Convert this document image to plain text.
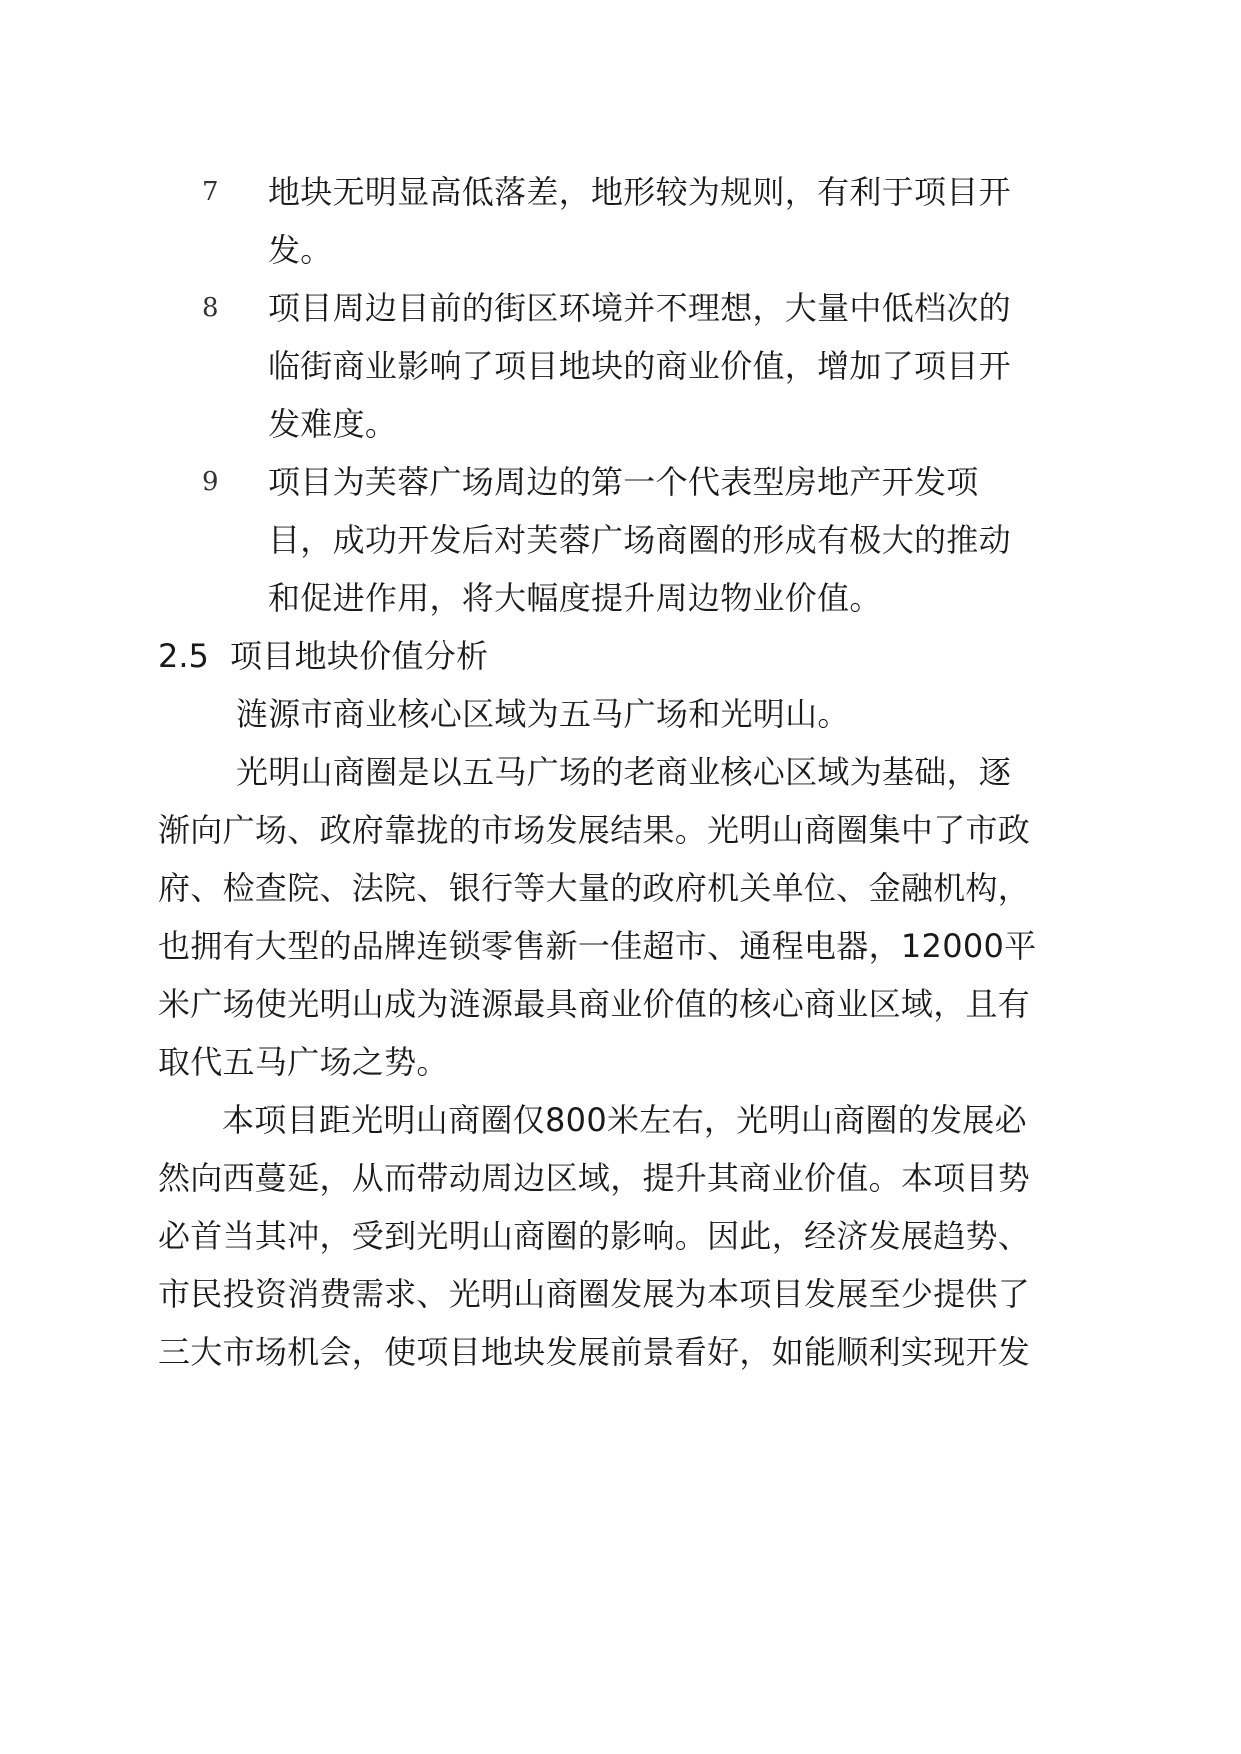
7 地块无明显高低落差，地形较为规则，有利于项目开
发。
8 项目周边目前的街区环境并不理想，大量中低档次的
临街商业影响了项目地块的商业价值，增加了项目开
发难度。
9 项目为芙蓉广场周边的第一个代表型房地产开发项
目，成功开发后对芙蓉广场商圈的形成有极大的推动
和促进作用，将大幅度提升周边物业价值。
2.5 项目地块价值分析
涟源市商业核心区域为五马广场和光明山。
光明山商圈是以五马广场的老商业核心区域为基础，逐
渐向广场、政府靠拢的市场发展结果。光明山商圈集中了市政
府、检查院、法院、银行等大量的政府机关单位、金融机构，
也拥有大型的品牌连锁零售新一佳超市、通程电器，12000平
米广场使光明山成为涟源最具商业价值的核心商业区域，且有
取代五马广场之势。
本项目距光明山商圈仅800米左右，光明山商圈的发展必
然向西蔓延，从而带动周边区域，提升其商业价值。本项目势
必首当其冲，受到光明山商圈的影响。因此，经济发展趋势、
市民投资消费需求、光明山商圈发展为本项目发展至少提供了
三大市场机会，使项目地块发展前景看好，如能顺利实现开发
